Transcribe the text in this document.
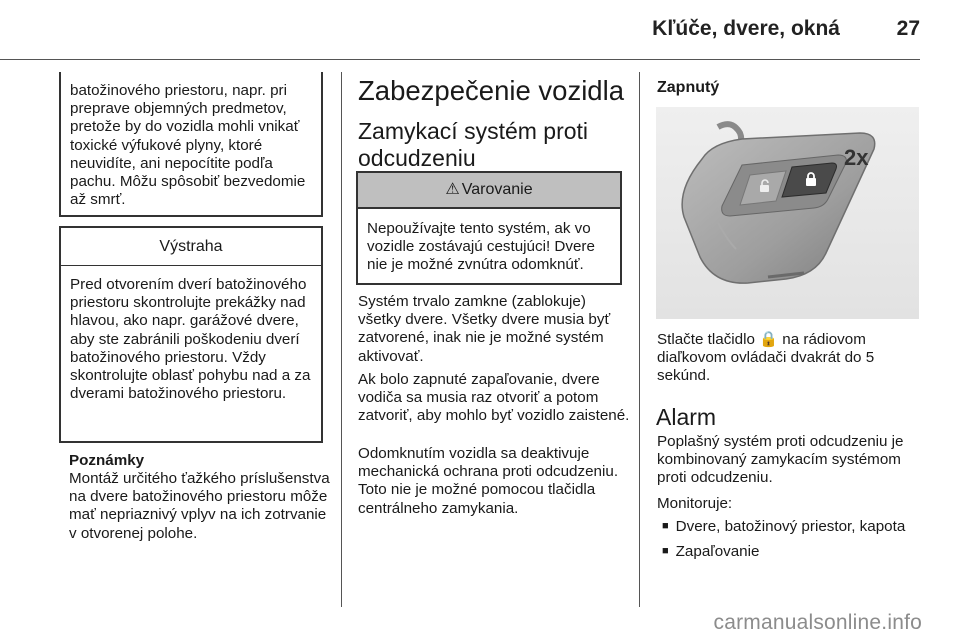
Kľúče, dvere, okná	27
batožinového priestoru, napr. pri preprave objemných predmetov, pretože by do vozidla mohli vnikať toxické výfukové plyny, ktoré neuvidíte, ani nepocítite podľa pachu. Môžu spôsobiť bezvedomie až smrť.
Výstraha
Pred otvorením dverí batožinového priestoru skontrolujte prekážky nad hlavou, ako napr. garážové dvere, aby ste zabránili poškodeniu dverí batožinového priestoru. Vždy skontrolujte oblasť pohybu nad a za dverami batožinového priestoru.
Poznámky
Montáž určitého ťažkého príslušenstva na dvere batožinového priestoru môže mať nepriaznivý vplyv na ich zotrvanie v otvorenej polohe.
Zabezpečenie vozidla
Zamykací systém proti odcudzeniu
⚠ Varovanie
Nepoužívajte tento systém, ak vo vozidle zostávajú cestujúci! Dvere nie je možné zvnútra odomknúť.
Systém trvalo zamkne (zablokuje) všetky dvere. Všetky dvere musia byť zatvorené, inak nie je možné systém aktivovať.
Ak bolo zapnuté zapaľovanie, dvere vodiča sa musia raz otvoriť a potom zatvoriť, aby mohlo byť vozidlo zaistené.
Odomknutím vozidla sa deaktivuje mechanická ochrana proti odcudzeniu. Toto nie je možné pomocou tlačidla centrálneho zamykania.
Zapnutý
2x
Stlačte tlačidlo 🔒 na rádiovom diaľkovom ovládači dvakrát do 5 sekúnd.
Alarm
Poplašný systém proti odcudzeniu je kombinovaný zamykacím systémom proti odcudzeniu.
Monitoruje:
■ Dvere, batožinový priestor, kapota
■ Zapaľovanie
carmanualsonline.info
